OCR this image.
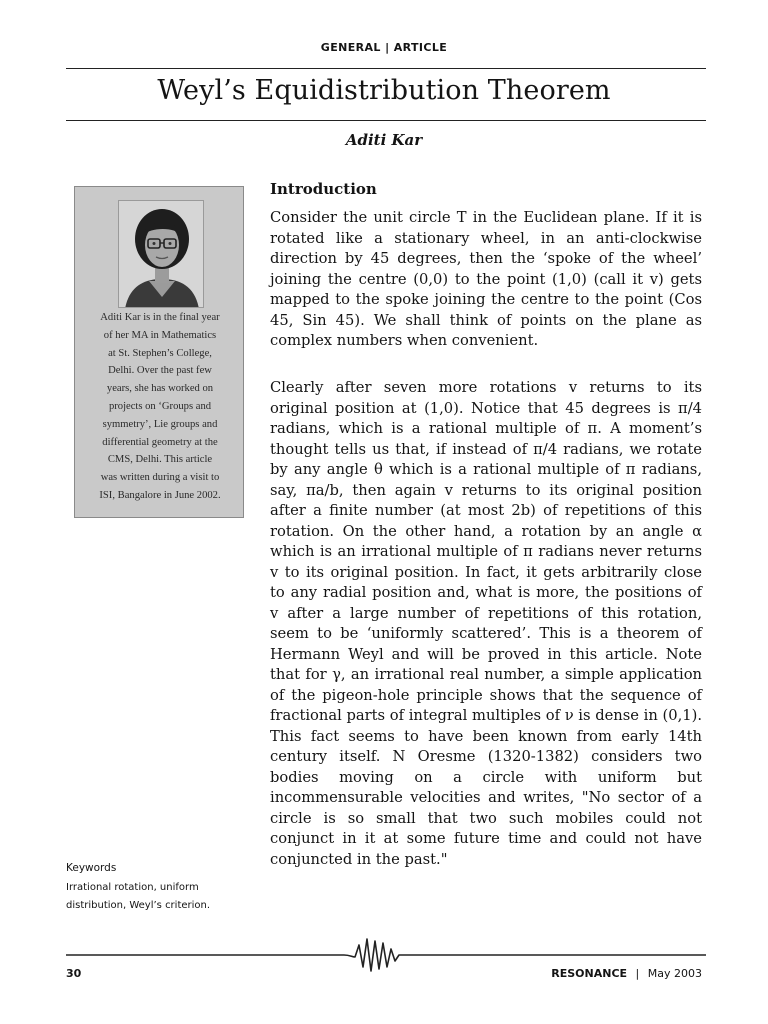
GENERAL | ARTICLE
Weyl’s Equidistribution Theorem
Aditi Kar
Aditi Kar is in the final year
of her MA in Mathematics
at St. Stephen’s College,
Delhi. Over the past few
years, she has worked on
projects on ‘Groups and
symmetry’, Lie groups and
differential geometry at the
CMS, Delhi. This article
was written during a visit to
ISI, Bangalore in June 2002.
Introduction

Consider the unit circle T in the Euclidean plane. If it is rotated like a stationary wheel, in an anti-clockwise direction by 45 degrees, then the ‘spoke of the wheel’ joining the centre (0,0) to the point (1,0) (call it v) gets mapped to the spoke joining the centre to the point (Cos 45, Sin 45). We shall think of points on the plane as complex numbers when convenient.

Clearly after seven more rotations v returns to its original position at (1,0). Notice that 45 degrees is π/4 radians, which is a rational multiple of π. A moment’s thought tells us that, if instead of π/4 radians, we rotate by any angle θ which is a rational multiple of π radians, say, πa/b, then again v returns to its original position after a finite number (at most 2b) of repetitions of this rotation. On the other hand, a rotation by an angle α which is an irrational multiple of π radians never returns v to its original position. In fact, it gets arbitrarily close to any radial position and, what is more, the positions of v after a large number of repetitions of this rotation, seem to be ‘uniformly scattered’. This is a theorem of Hermann Weyl and will be proved in this article. Note that for γ, an irrational real number, a simple application of the pigeon-hole principle shows that the sequence of fractional parts of integral multiples of ν is dense in (0,1). This fact seems to have been known from early 14th century itself. N Oresme (1320-1382) considers two bodies moving on a circle with uniform but incommensurable velocities and writes, "No sector of a circle is so small that two such mobiles could not conjunct in it at some future time and could not have conjuncted in the past."

Keywords
Irrational rotation, uniform distribution, Weyl’s criterion.
30	RESONANCE | May 2003
